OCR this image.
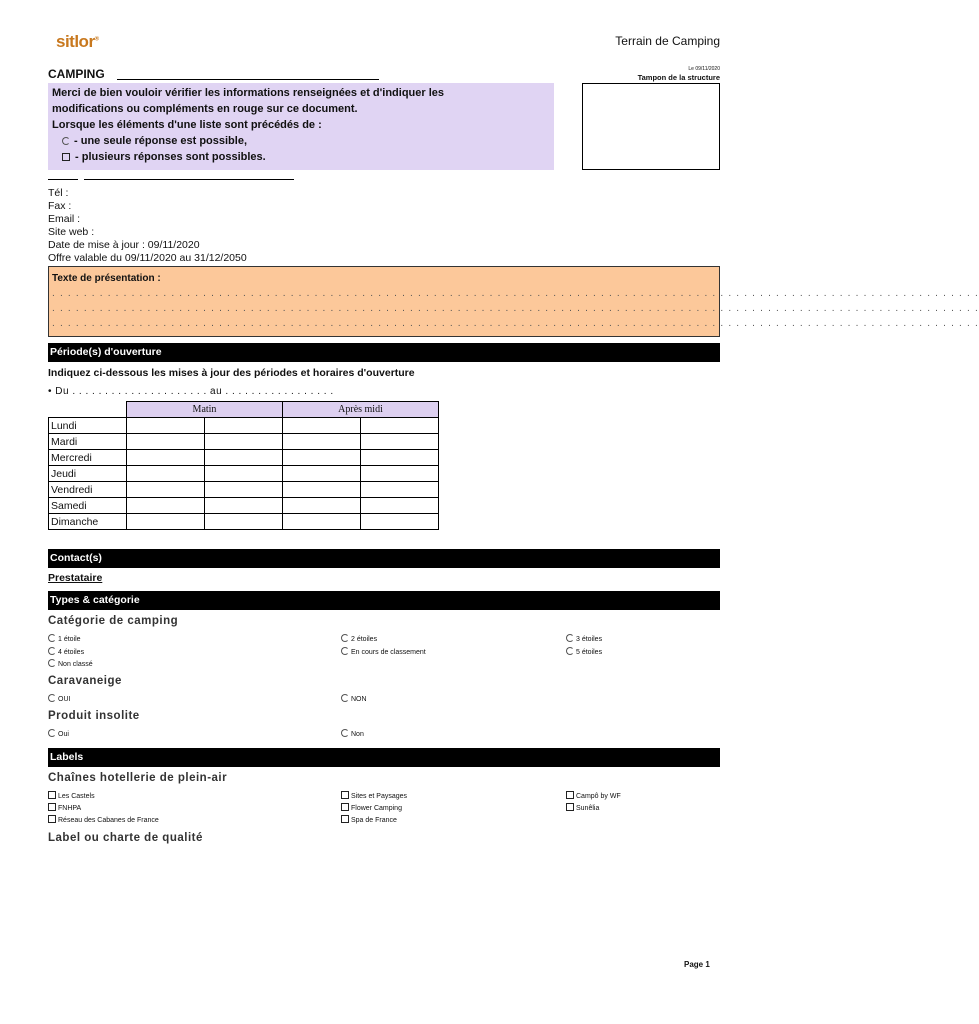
sitlor®	Terrain de Camping
Le 09/11/2020
Tampon de la structure
CAMPING
Merci de bien vouloir vérifier les informations renseignées et d'indiquer les
modifications ou compléments en rouge sur ce document.
Lorsque les éléments d'une liste sont précédés de :
- une seule réponse est possible,
- plusieurs réponses sont possibles.
Tél :
Fax :
Email :
Site web :
Date de mise à jour : 09/11/2020
Offre valable du 09/11/2020 au 31/12/2050
Texte de présentation :
. . . . . . . . . . . . . . . . . . . . . . . . . . . . . . . . . . . . . . . . . . . . . . . . . . . . . . . . . . . . . . . . . . . . . . . . . . . . . . . . . . . . . . . . . . . . . . . . . . . . . . . . . . . . . . . . . . . . .
. . . . . . . . . . . . . . . . . . . . . . . . . . . . . . . . . . . . . . . . . . . . . . . . . . . . . . . . . . . . . . . . . . . . . . . . . . . . . . . . . . . . . . . . . . . . . . . . . . . . . . . . . . . . . . . . . . . . .
. . . . . . . . . . . . . . . . . . . . . . . . . . . . . . . . . . . . . . . . . . . . . . . . . . . . . . . . . . . . . . . . . . . . . . . . . . . . . . . . . . . . . . . . . . . . . . . . . . . . . . . . . . . . . . . . . . . . .
Période(s) d'ouverture
Indiquez ci-dessous les mises à jour des périodes et horaires d'ouverture
• Du . . . . . . . . . . . . . . . . . . . . . au . . . . . . . . . . . . . . . . .
	Matin		Après midi	
Lundi				
Mardi				
Mercredi				
Jeudi				
Vendredi				
Samedi				
Dimanche				
Contact(s)
Prestataire
Types & catégorie
Catégorie de camping
1 étoile	2 étoiles	3 étoiles
4 étoiles	En cours de classement	5 étoiles
Non classé
Caravaneige
OUI	NON
Produit insolite
Oui	Non
Labels
Chaînes hotellerie de plein-air
Les Castels	Sites et Paysages	Campô by WF
FNHPA	Flower Camping	Sunêlia
Réseau des Cabanes de France	Spa de France
Label ou charte de qualité
Page 1
